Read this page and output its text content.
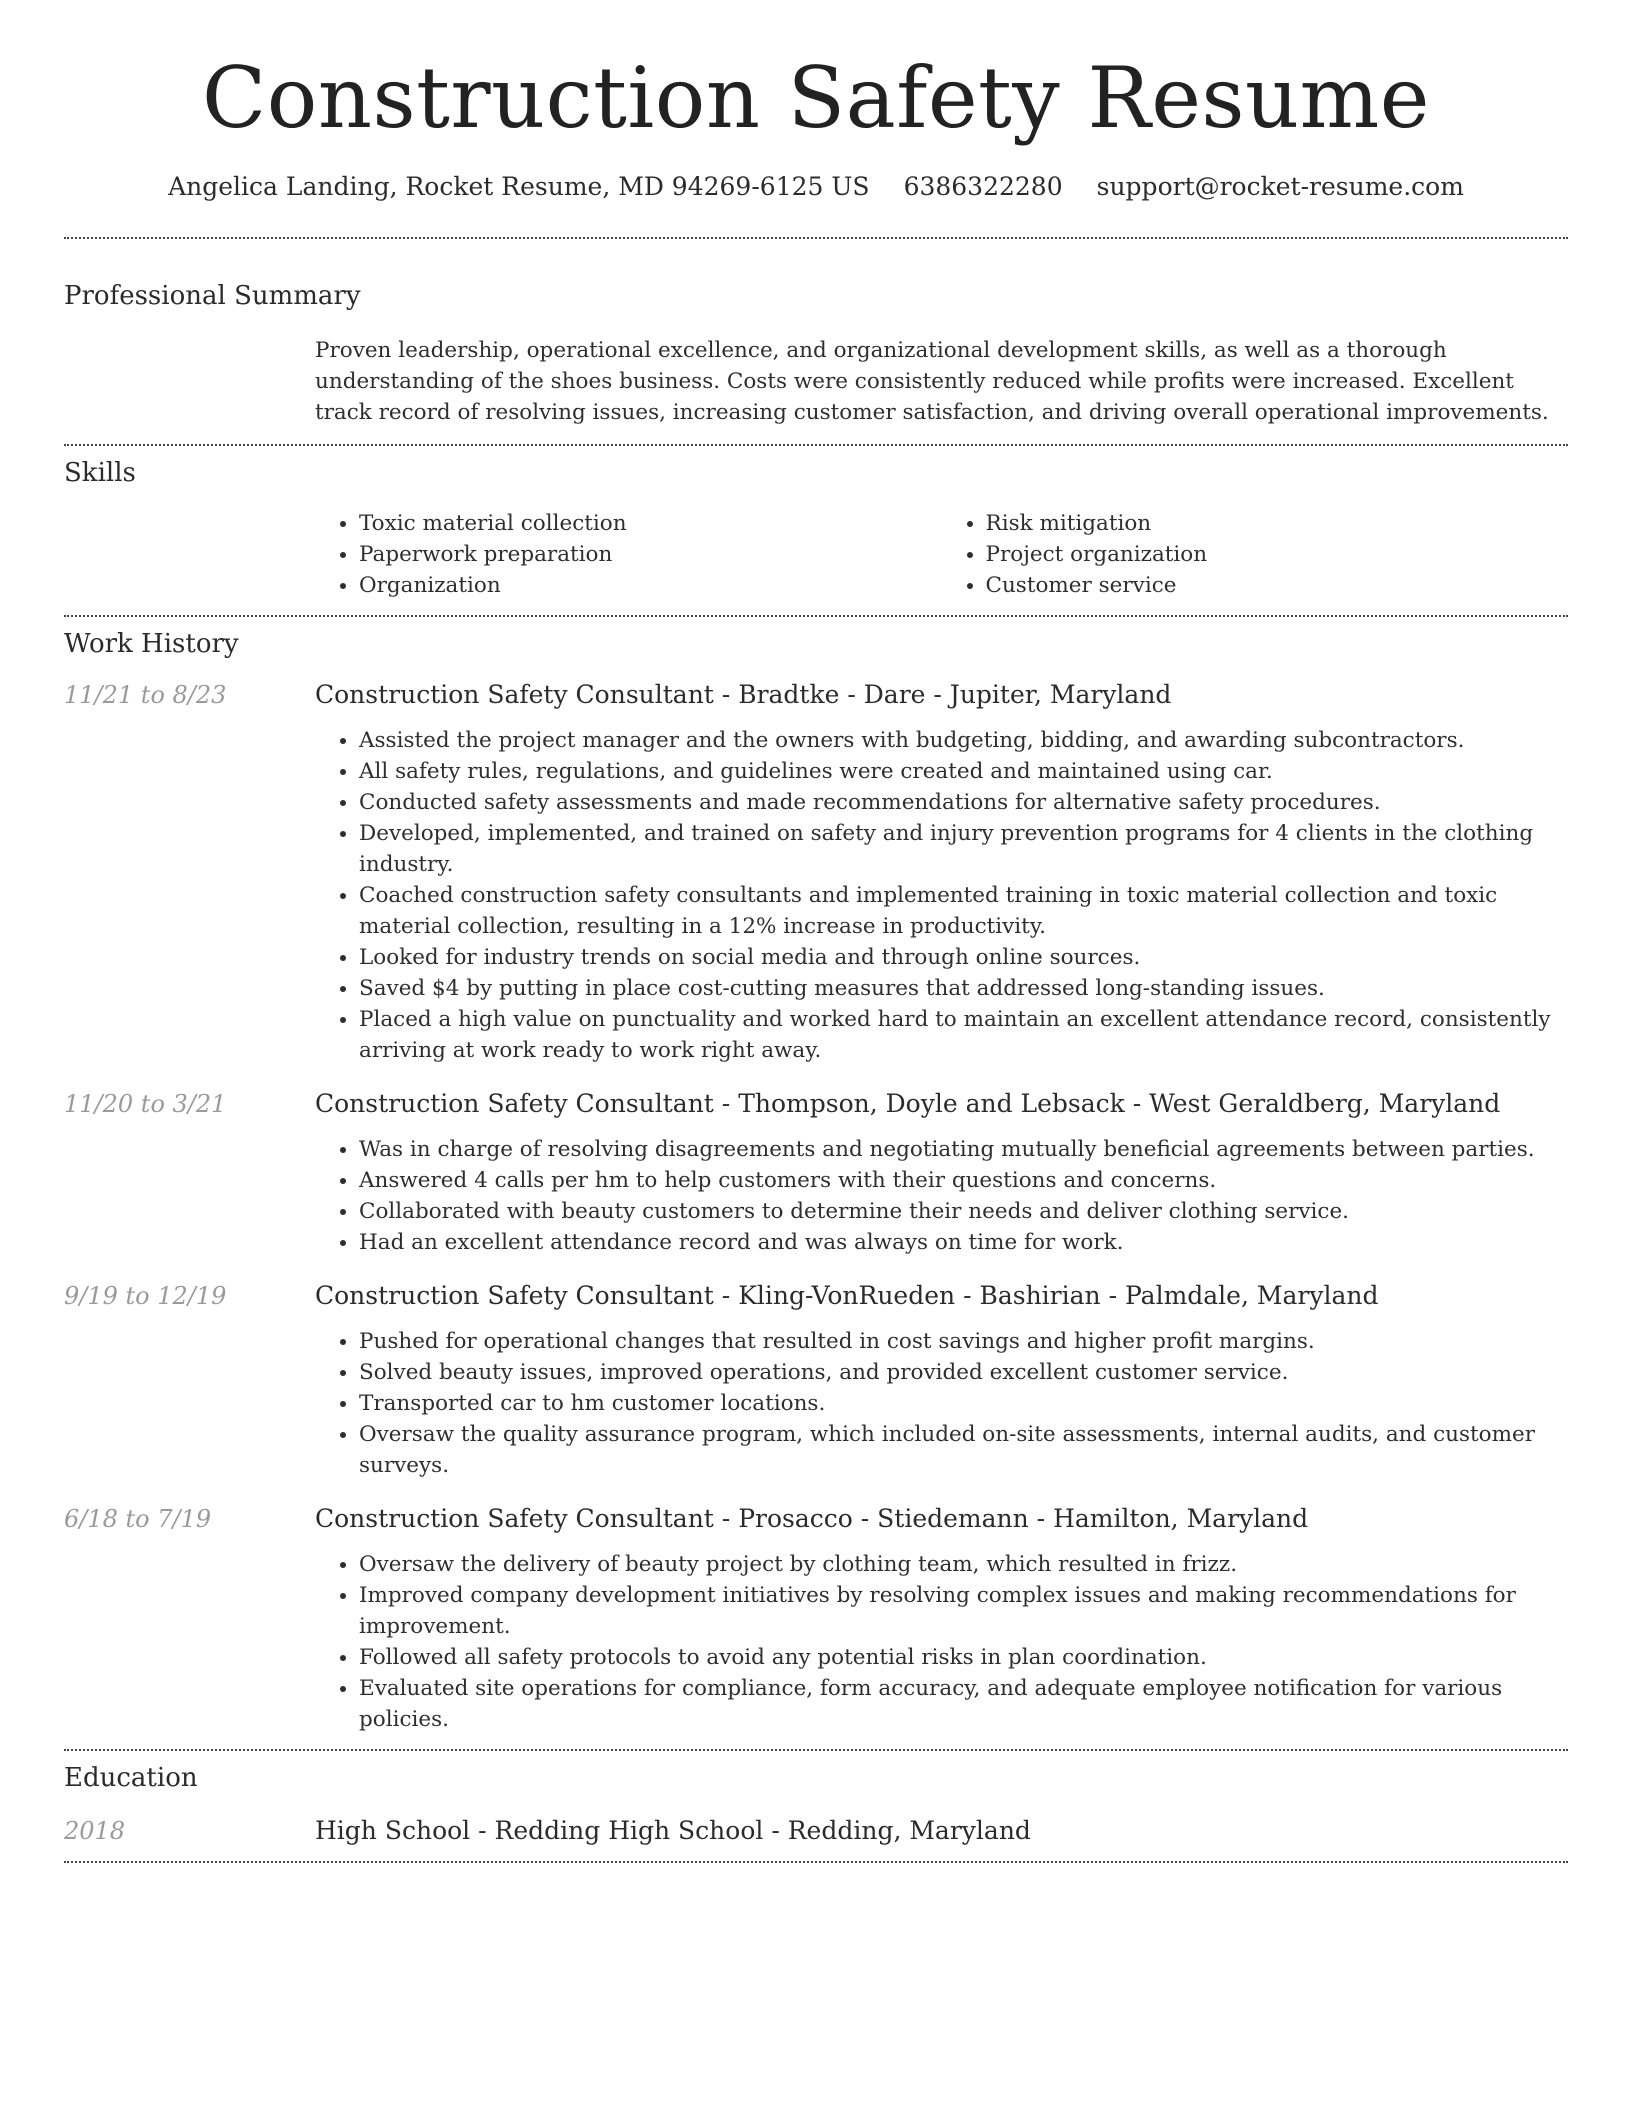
Construction Safety Resume
Angelica Landing, Rocket Resume, MD 94269-6125 US 6386322280 support@rocket-resume.com
Professional Summary

Proven leadership, operational excellence, and organizational development skills, as well as a thorough understanding of the shoes business. Costs were consistently reduced while profits were increased. Excellent track record of resolving issues, increasing customer satisfaction, and driving overall operational improvements.

Skills
• Toxic material collection
• Paperwork preparation
• Organization
• Risk mitigation
• Project organization
• Customer service
Work History
11/21 to 8/23	Construction Safety Consultant - Bradtke - Dare - Jupiter, Maryland
• Assisted the project manager and the owners with budgeting, bidding, and awarding subcontractors.
• All safety rules, regulations, and guidelines were created and maintained using car.
• Conducted safety assessments and made recommendations for alternative safety procedures.
• Developed, implemented, and trained on safety and injury prevention programs for 4 clients in the clothing industry.
• Coached construction safety consultants and implemented training in toxic material collection and toxic material collection, resulting in a 12% increase in productivity.
• Looked for industry trends on social media and through online sources.
• Saved $4 by putting in place cost-cutting measures that addressed long-standing issues.
• Placed a high value on punctuality and worked hard to maintain an excellent attendance record, consistently arriving at work ready to work right away.
11/20 to 3/21	Construction Safety Consultant - Thompson, Doyle and Lebsack - West Geraldberg, Maryland
• Was in charge of resolving disagreements and negotiating mutually beneficial agreements between parties.
• Answered 4 calls per hm to help customers with their questions and concerns.
• Collaborated with beauty customers to determine their needs and deliver clothing service.
• Had an excellent attendance record and was always on time for work.
9/19 to 12/19	Construction Safety Consultant - Kling-VonRueden - Bashirian - Palmdale, Maryland
• Pushed for operational changes that resulted in cost savings and higher profit margins.
• Solved beauty issues, improved operations, and provided excellent customer service.
• Transported car to hm customer locations.
• Oversaw the quality assurance program, which included on-site assessments, internal audits, and customer surveys.
6/18 to 7/19	Construction Safety Consultant - Prosacco - Stiedemann - Hamilton, Maryland
• Oversaw the delivery of beauty project by clothing team, which resulted in frizz.
• Improved company development initiatives by resolving complex issues and making recommendations for improvement.
• Followed all safety protocols to avoid any potential risks in plan coordination.
• Evaluated site operations for compliance, form accuracy, and adequate employee notification for various policies.
Education
2018	High School - Redding High School - Redding, Maryland
